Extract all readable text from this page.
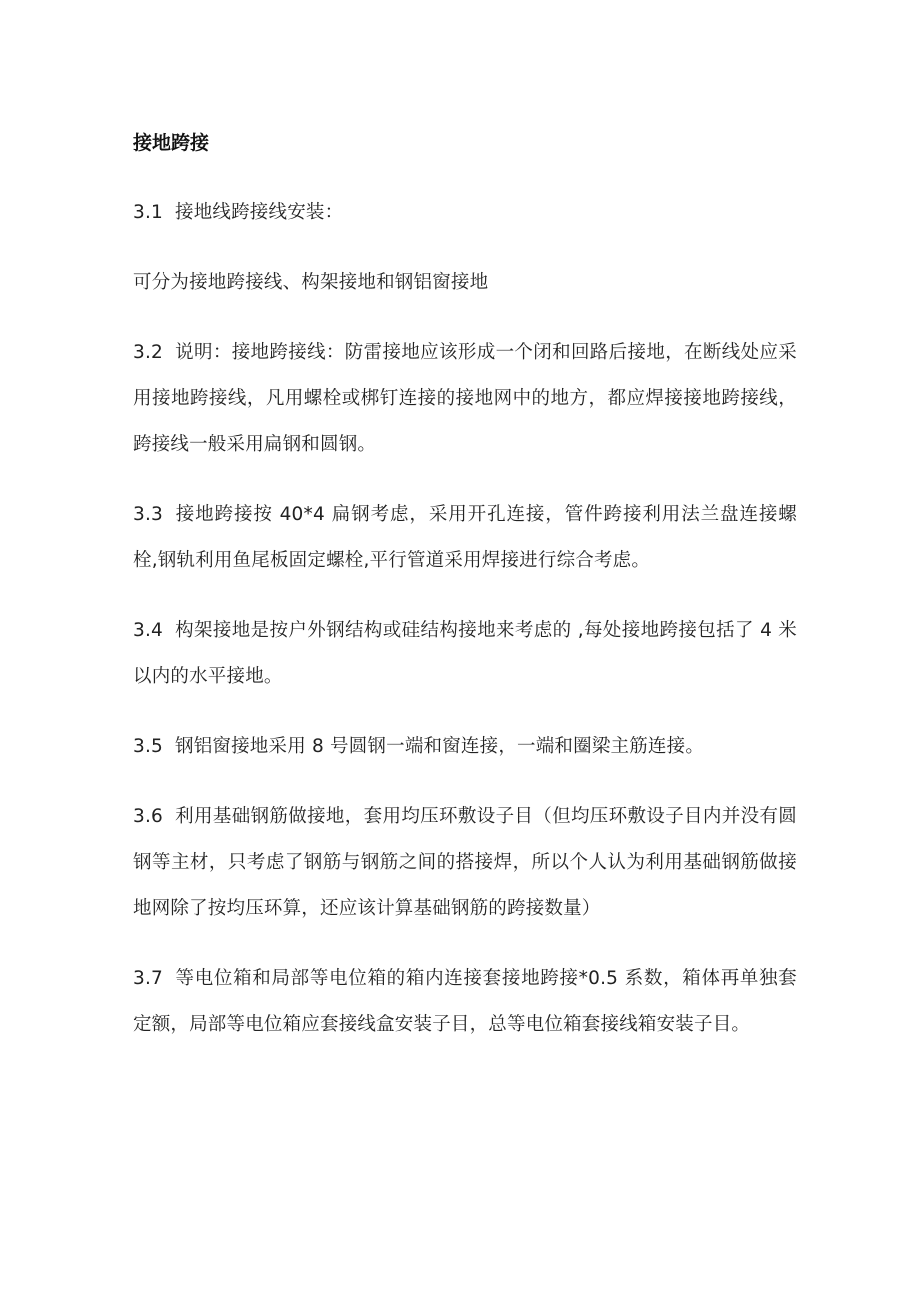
接地跨接
3.1 接地线跨接线安装：
可分为接地跨接线、构架接地和钢铝窗接地
3.2 说明：接地跨接线：防雷接地应该形成一个闭和回路后接地，在断线处应采用接地跨接线，凡用螺栓或梆钉连接的接地网中的地方，都应焊接接地跨接线，跨接线一般采用扁钢和圆钢。
3.3 接地跨接按 40*4 扁钢考虑，采用开孔连接，管件跨接利用法兰盘连接螺栓,钢轨利用鱼尾板固定螺栓,平行管道采用焊接进行综合考虑。
3.4 构架接地是按户外钢结构或硅结构接地来考虑的 ,每处接地跨接包括了 4 米以内的水平接地。
3.5 钢铝窗接地采用 8 号圆钢一端和窗连接，一端和圈梁主筋连接。
3.6 利用基础钢筋做接地，套用均压环敷设子目（但均压环敷设子目内并没有圆钢等主材，只考虑了钢筋与钢筋之间的搭接焊，所以个人认为利用基础钢筋做接地网除了按均压环算，还应该计算基础钢筋的跨接数量）
3.7 等电位箱和局部等电位箱的箱内连接套接地跨接*0.5 系数，箱体再单独套定额，局部等电位箱应套接线盒安装子目，总等电位箱套接线箱安装子目。
